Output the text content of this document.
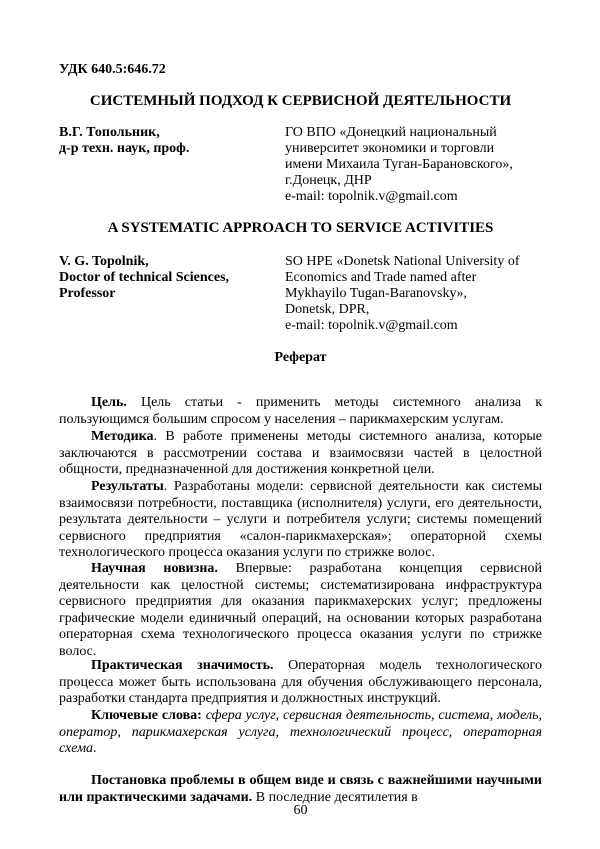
УДК 640.5:646.72

СИСТЕМНЫЙ ПОДХОД К СЕРВИСНОЙ ДЕЯТЕЛЬНОСТИ

В.Г. Топольник,
д-р техн. наук, проф.
ГО ВПО «Донецкий национальный
университет экономики и торговли
имени Михаила Туган-Барановского»,
г.Донецк, ДНР
e-mail: topolnik.v@gmail.com

A SYSTEMATIC APPROACH TO SERVICE ACTIVITIES

V. G. Topolnik,
Doctor of technical Sciences,
Professor
SO HPE «Donetsk National University of
Economics and Trade named after
Mykhayilo Tugan-Baranovsky»,
Donetsk, DPR,
e-mail: topolnik.v@gmail.com

Реферат

Цель. Цель статьи - применить методы системного анализа к пользующимся большим спросом у населения – парикмахерским услугам.

Методика. В работе применены методы системного анализа, которые заключаются в рассмотрении состава и взаимосвязи частей в целостной общности, предназначенной для достижения конкретной цели.

Результаты. Разработаны модели: сервисной деятельности как системы взаимосвязи потребности, поставщика (исполнителя) услуги, его деятельности, результата деятельности – услуги и потребителя услуги; системы помещений сервисного предприятия «салон-парикмахерская»; операторной схемы технологического процесса оказания услуги по стрижке волос.

Научная новизна. Впервые: разработана концепция сервисной деятельности как целостной системы; систематизирована инфраструктура сервисного предприятия для оказания парикмахерских услуг; предложены графические модели единичный операций, на основании которых разработана операторная схема технологического процесса оказания услуги по стрижке волос.

Практическая значимость. Операторная модель технологического процесса может быть использована для обучения обслуживающего персонала, разработки стандарта предприятия и должностных инструкций.

Ключевые слова: сфера услуг, сервисная деятельность, система, модель, оператор, парикмахерская услуга, технологический процесс, операторная схема.

Постановка проблемы в общем виде и связь с важнейшими научными или практическими задачами. В последние десятилетия в

60
